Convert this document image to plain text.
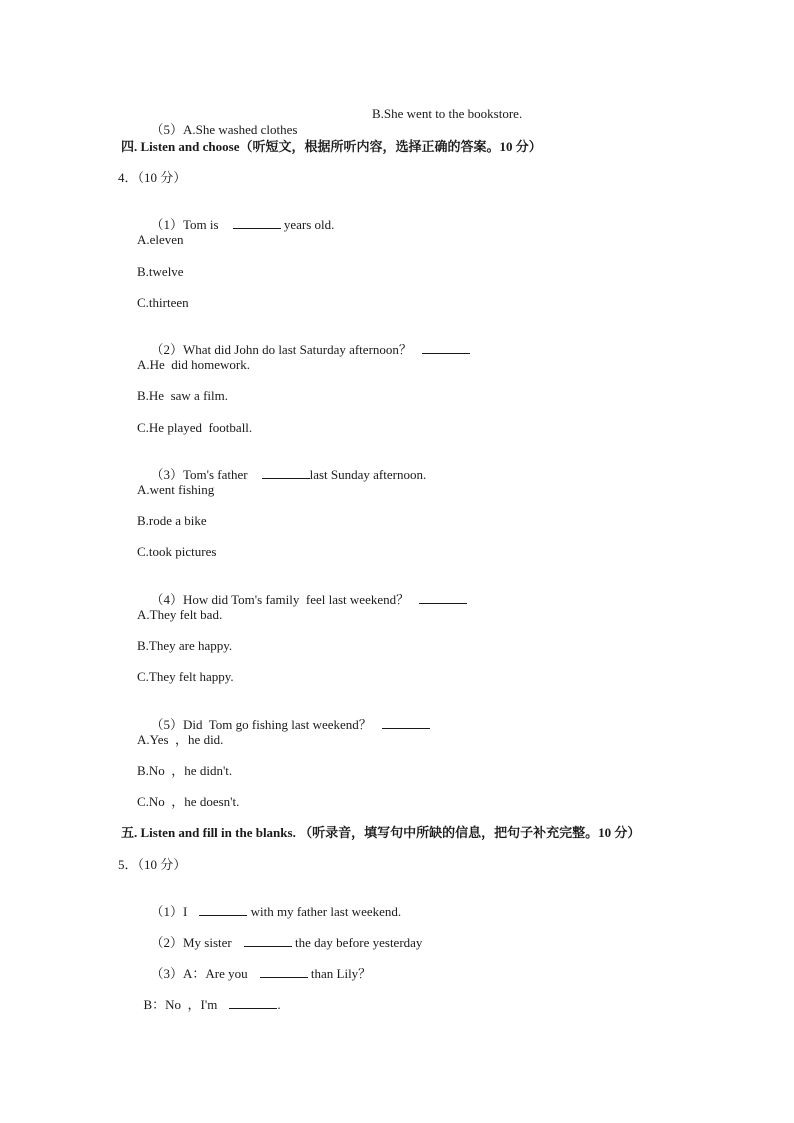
（5）A.She washed clothes

B.She went to the bookstore.
四. Listen and choose（听短文，根据所听内容，选择正确的答案。10 分）
4．（10 分）

（1）Tom is	years old.

A.eleven
B.twelve
C.thirteen

（2）What did John do last Saturday afternoon？

A.He  did homework.
B.He  saw a film.
C.He played  football.

（3）Tom's father	last Sunday afternoon.

A.went fishing
B.rode a bike
C.took pictures

（4）How did Tom's family  feel last weekend？

A.They felt bad.
B.They are happy.
C.They felt happy.

（5）Did  Tom go fishing last weekend？

A.Yes  ，he did.
B.No  ，he didn't.
C.No  ，he doesn't.
五. Listen and fill in the blanks. （听录音，填写句中所缺的信息，把句子补充完整。10 分）
5．（10 分）

（1）I	with my father last weekend.

（2）My sister	the day before yesterday

（3）A：Are you	than Lily？

B：No  ，I'm	.
